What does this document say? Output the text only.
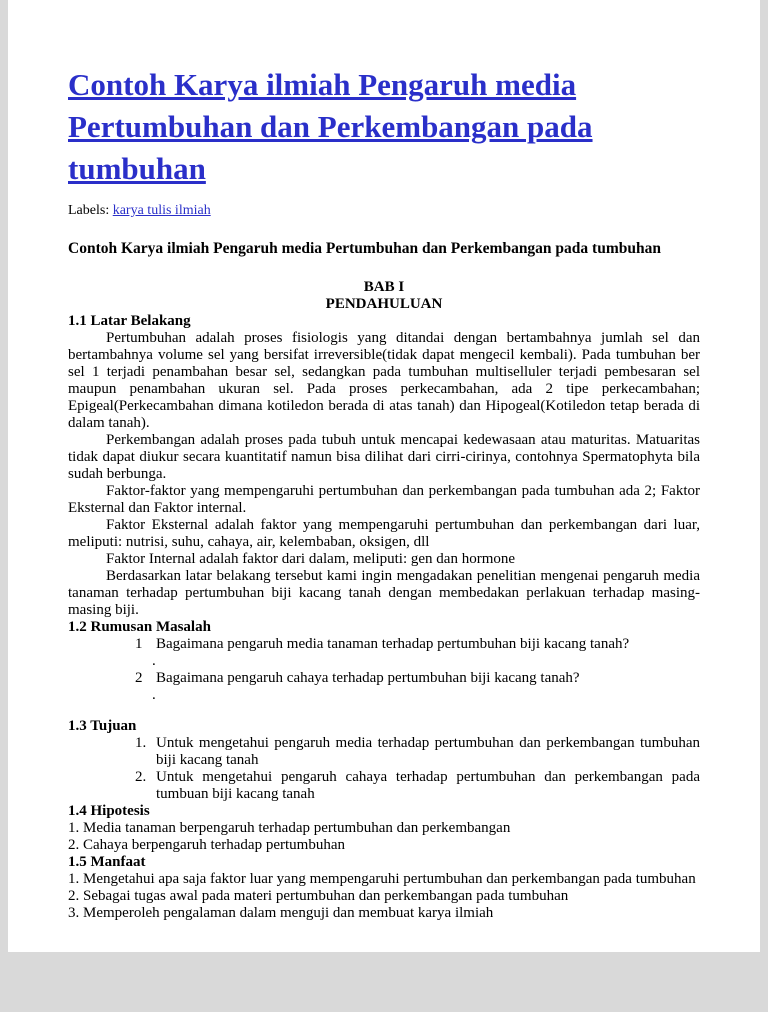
Contoh Karya ilmiah Pengaruh media Pertumbuhan dan Perkembangan pada tumbuhan
Labels: karya tulis ilmiah
Contoh Karya ilmiah Pengaruh media Pertumbuhan dan Perkembangan pada tumbuhan
BAB I
PENDAHULUAN
1.1 Latar Belakang

Pertumbuhan adalah proses fisiologis yang ditandai dengan bertambahnya jumlah sel dan bertambahnya volume sel yang bersifat irreversible(tidak dapat mengecil kembali). Pada tumbuhan ber sel 1 terjadi penambahan besar sel, sedangkan pada tumbuhan multiselluler terjadi pembesaran sel maupun penambahan ukuran sel. Pada proses perkecambahan, ada 2 tipe perkecambahan; Epigeal(Perkecambahan dimana kotiledon berada di atas tanah) dan Hipogeal(Kotiledon tetap berada di dalam tanah).

Perkembangan adalah proses pada tubuh untuk mencapai kedewasaan atau maturitas. Matuaritas tidak dapat diukur secara kuantitatif namun bisa dilihat dari cirri-cirinya, contohnya Spermatophyta bila sudah berbunga.

Faktor-faktor yang mempengaruhi pertumbuhan dan perkembangan pada tumbuhan ada 2; Faktor Eksternal dan Faktor internal.

Faktor Eksternal adalah faktor yang mempengaruhi pertumbuhan dan perkembangan dari luar, meliputi: nutrisi, suhu, cahaya, air, kelembaban, oksigen, dll

Faktor Internal adalah faktor dari dalam, meliputi: gen dan hormone

Berdasarkan latar belakang tersebut kami ingin mengadakan penelitian mengenai pengaruh media tanaman terhadap pertumbuhan biji kacang tanah dengan membedakan perlakuan terhadap masing-masing biji.

1.2 Rumusan Masalah
1 Bagaimana pengaruh media tanaman terhadap pertumbuhan biji kacang tanah?
.
2 Bagaimana pengaruh cahaya terhadap pertumbuhan biji kacang tanah?
.
1.3 Tujuan
1. Untuk mengetahui pengaruh media terhadap pertumbuhan dan perkembangan tumbuhan biji kacang tanah
2. Untuk mengetahui pengaruh cahaya terhadap pertumbuhan dan perkembangan pada tumbuan biji kacang tanah
1.4 Hipotesis
1. Media tanaman berpengaruh terhadap pertumbuhan dan perkembangan
2. Cahaya berpengaruh terhadap pertumbuhan
1.5 Manfaat
1. Mengetahui apa saja faktor luar yang mempengaruhi pertumbuhan dan perkembangan pada tumbuhan
2. Sebagai tugas awal pada materi pertumbuhan dan perkembangan pada tumbuhan
3. Memperoleh pengalaman dalam menguji dan membuat karya ilmiah
